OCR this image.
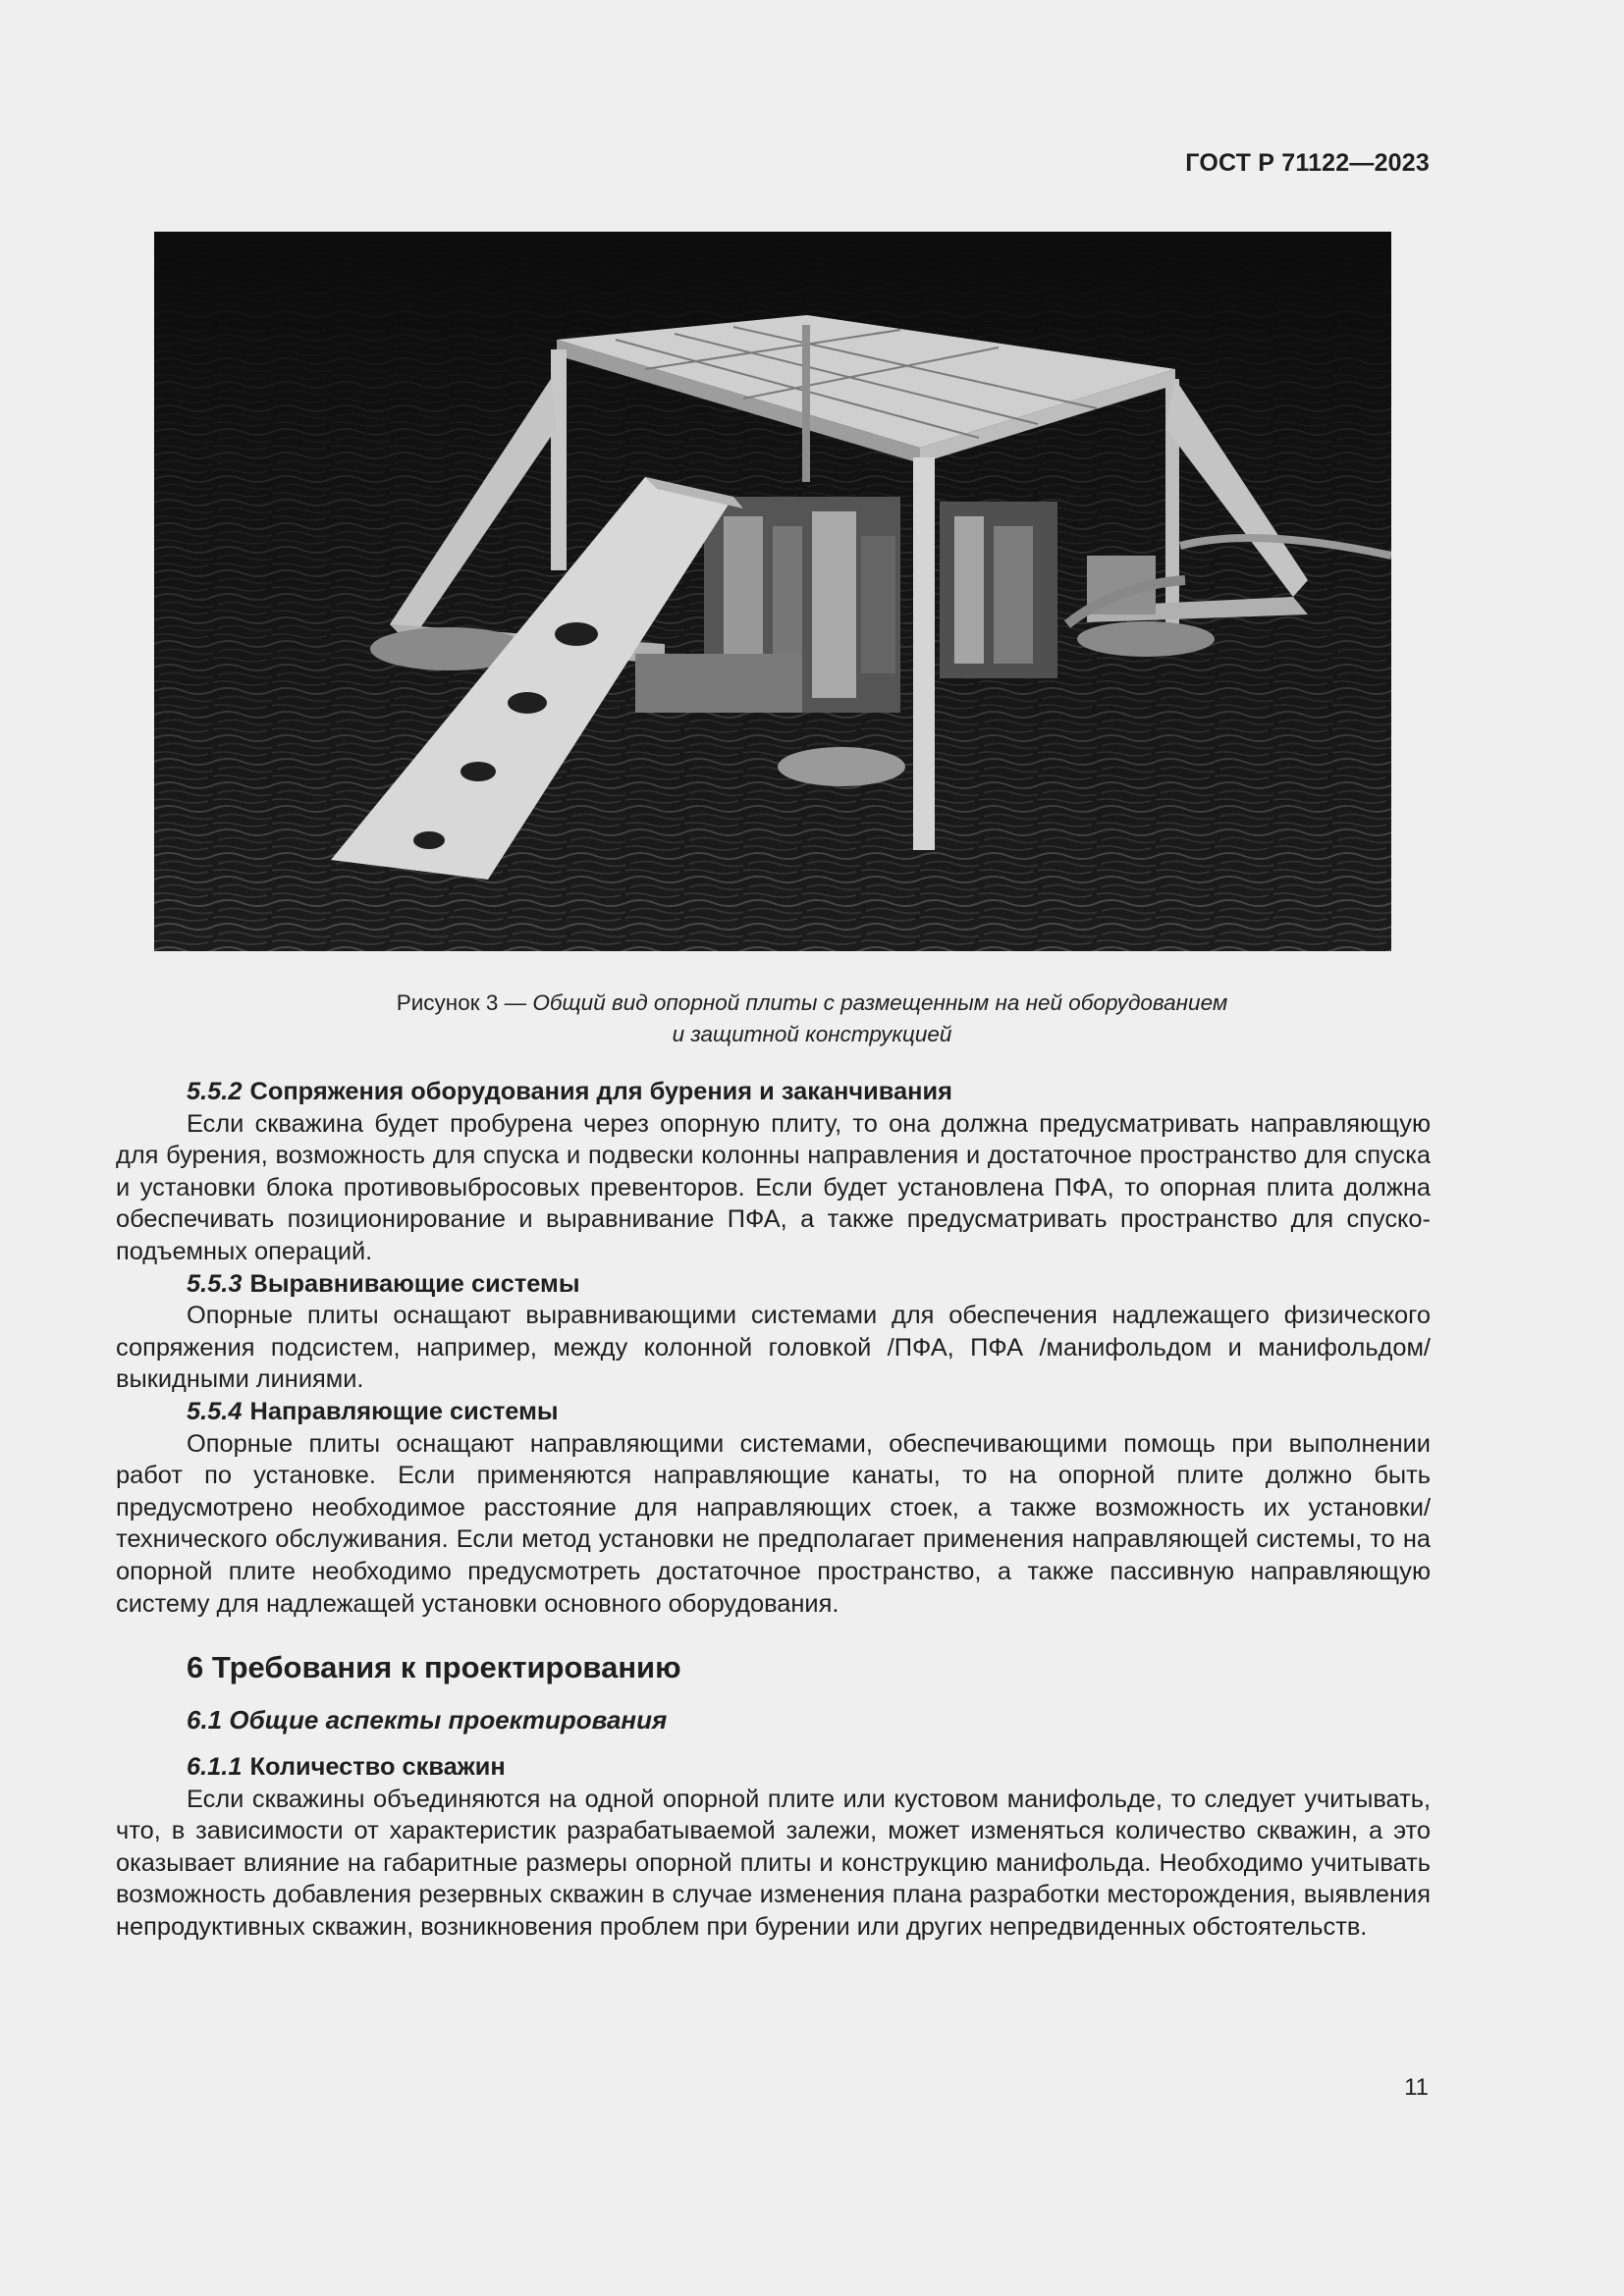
ГОСТ Р 71122—2023
Рисунок 3 — Общий вид опорной плиты с размещенным на ней оборудованием
и защитной конструкцией
5.5.2 Сопряжения оборудования для бурения и заканчивания

Если скважина будет пробурена через опорную плиту, то она должна предусматривать направляющую для бурения, возможность для спуска и подвески колонны направления и достаточное пространство для спуска и установки блока противовыбросовых превенторов. Если будет установлена ПФА, то опорная плита должна обеспечивать позиционирование и выравнивание ПФА, а также предусматривать пространство для спуско-подъемных операций.

5.5.3 Выравнивающие системы

Опорные плиты оснащают выравнивающими системами для обеспечения надлежащего физического сопряжения подсистем, например, между колонной головкой /ПФА, ПФА /манифольдом и манифольдом/выкидными линиями.

5.5.4 Направляющие системы

Опорные плиты оснащают направляющими системами, обеспечивающими помощь при выполнении работ по установке. Если применяются направляющие канаты, то на опорной плите должно быть предусмотрено необходимое расстояние для направляющих стоек, а также возможность их установки/технического обслуживания. Если метод установки не предполагает применения направляющей системы, то на опорной плите необходимо предусмотреть достаточное пространство, а также пассивную направляющую систему для надлежащей установки основного оборудования.

6 Требования к проектированию
6.1 Общие аспекты проектирования
6.1.1 Количество скважин

Если скважины объединяются на одной опорной плите или кустовом манифольде, то следует учитывать, что, в зависимости от характеристик разрабатываемой залежи, может изменяться количество скважин, а это оказывает влияние на габаритные размеры опорной плиты и конструкцию манифольда. Необходимо учитывать возможность добавления резервных скважин в случае изменения плана разработки месторождения, выявления непродуктивных скважин, возникновения проблем при бурении или других непредвиденных обстоятельств.

11
